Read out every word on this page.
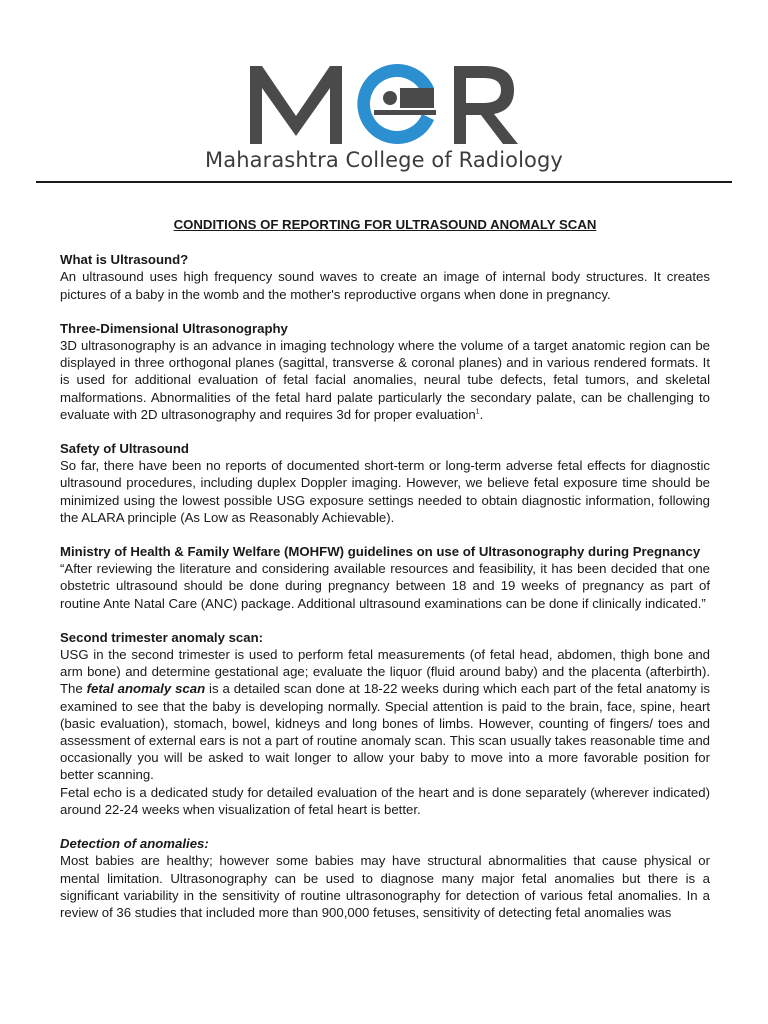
Maharashtra College of Radiology

CONDITIONS OF REPORTING FOR ULTRASOUND ANOMALY SCAN

What is Ultrasound?

An ultrasound uses high frequency sound waves to create an image of internal body structures. It creates pictures of a baby in the womb and the mother's reproductive organs when done in pregnancy.

Three-Dimensional Ultrasonography

3D ultrasonography is an advance in imaging technology where the volume of a target anatomic region can be displayed in three orthogonal planes (sagittal, transverse & coronal planes) and in various rendered formats. It is used for additional evaluation of fetal facial anomalies, neural tube defects, fetal tumors, and skeletal malformations. Abnormalities of the fetal hard palate particularly the secondary palate, can be challenging to evaluate with 2D ultrasonography and requires 3d for proper evaluation$^1$.

Safety of Ultrasound

So far, there have been no reports of documented short-term or long-term adverse fetal effects for diagnostic ultrasound procedures, including duplex Doppler imaging. However, we believe fetal exposure time should be minimized using the lowest possible USG exposure settings needed to obtain diagnostic information, following the ALARA principle (As Low as Reasonably Achievable).

Ministry of Health & Family Welfare (MOHFW) guidelines on use of Ultrasonography during Pregnancy

“After reviewing the literature and considering available resources and feasibility, it has been decided that one obstetric ultrasound should be done during pregnancy between 18 and 19 weeks of pregnancy as part of routine Ante Natal Care (ANC) package. Additional ultrasound examinations can be done if clinically indicated.”

Second trimester anomaly scan:

USG in the second trimester is used to perform fetal measurements (of fetal head, abdomen, thigh bone and arm bone) and determine gestational age; evaluate the liquor (fluid around baby) and the placenta (afterbirth). The fetal anomaly scan is a detailed scan done at 18-22 weeks during which each part of the fetal anatomy is examined to see that the baby is developing normally. Special attention is paid to the brain, face, spine, heart (basic evaluation), stomach, bowel, kidneys and long bones of limbs. However, counting of fingers/ toes and assessment of external ears is not a part of routine anomaly scan. This scan usually takes reasonable time and occasionally you will be asked to wait longer to allow your baby to move into a more favorable position for better scanning.

Fetal echo is a dedicated study for detailed evaluation of the heart and is done separately (wherever indicated) around 22-24 weeks when visualization of fetal heart is better.

Detection of anomalies:

Most babies are healthy; however some babies may have structural abnormalities that cause physical or mental limitation. Ultrasonography can be used to diagnose many major fetal anomalies but there is a significant variability in the sensitivity of routine ultrasonography for detection of various fetal anomalies. In a review of 36 studies that included more than 900,000 fetuses, sensitivity of detecting fetal anomalies was
